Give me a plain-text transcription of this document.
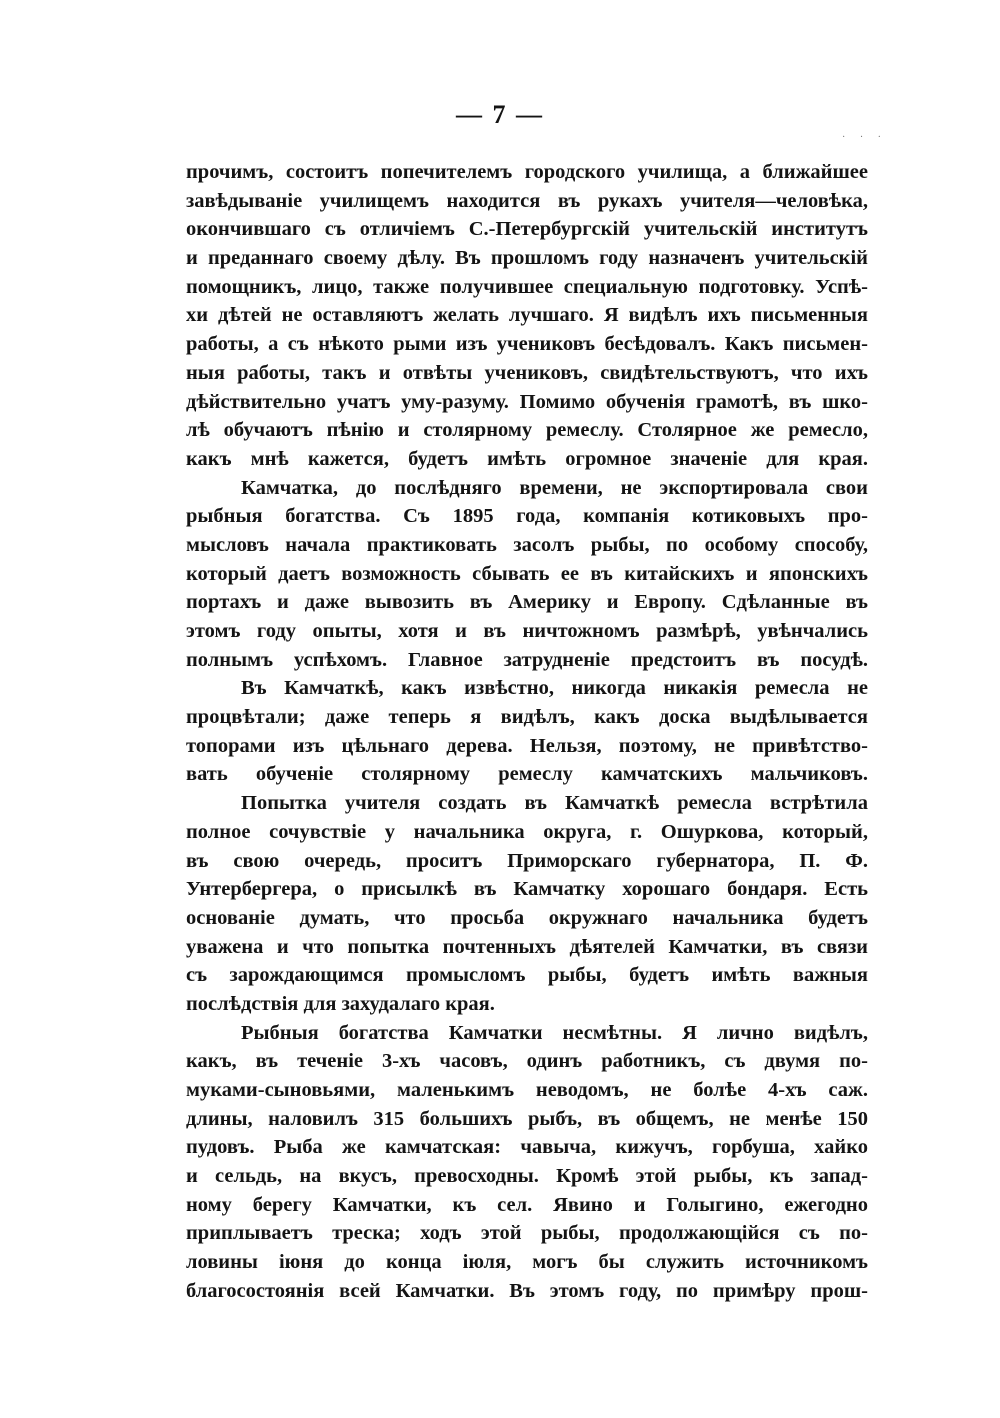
— 7 —
· · ·
прочимъ, состоитъ попечителемъ городского училища, а ближайшее
завѣдываніе училищемъ находится въ рукахъ учителя—человѣка,
окончившаго съ отличіемъ С.-Петербургскій учительскій институтъ
и преданнаго своему дѣлу. Въ прошломъ году назначенъ учительскій
помощникъ, лицо, также получившее специальную подготовку. Успѣ-
хи дѣтей не оставляютъ желать лучшаго. Я видѣлъ ихъ письменныя
работы, а съ нѣкото рыми изъ учениковъ бесѣдовалъ. Какъ письмен-
ныя работы, такъ и отвѣты учениковъ, свидѣтельствуютъ, что ихъ
дѣйствительно учатъ уму-разуму. Помимо обученія грамотѣ, въ шко-
лѣ обучаютъ пѣнію и столярному ремеслу. Столярное же ремесло,
какъ мнѣ кажется, будетъ имѣть огромное значеніе для края.
Камчатка, до послѣдняго времени, не экспортировала свои
рыбныя богатства. Съ 1895 года, компанія котиковыхъ про-
мысловъ начала практиковать засолъ рыбы, по особому способу,
который даетъ возможность сбывать ее въ китайскихъ и японскихъ
портахъ и даже вывозить въ Америку и Европу. Сдѣланные въ
этомъ году опыты, хотя и въ ничтожномъ размѣрѣ, увѣнчались
полнымъ успѣхомъ. Главное затрудненіе предстоитъ въ посудѣ.
Въ Камчаткѣ, какъ извѣстно, никогда никакія ремесла не
процвѣтали; даже теперь я видѣлъ, какъ доска выдѣлывается
топорами изъ цѣльнаго дерева. Нельзя, поэтому, не привѣтство-
вать обученіе столярному ремеслу камчатскихъ мальчиковъ.
Попытка учителя создать въ Камчаткѣ ремесла встрѣтила
полное сочувствіе у начальника округа, г. Ошуркова, который,
въ свою очередь, проситъ Приморскаго губернатора, П. Ф.
Унтербергера, о присылкѣ въ Камчатку хорошаго бондаря. Есть
основаніе думать, что просьба окружнаго начальника будетъ
уважена и что попытка почтенныхъ дѣятелей Камчатки, въ связи
съ зарождающимся промысломъ рыбы, будетъ имѣть важныя
послѣдствія для захудалаго края.
Рыбныя богатства Камчатки несмѣтны. Я лично видѣлъ,
какъ, въ теченіе 3-хъ часовъ, одинъ работникъ, съ двумя по-
муками-сыновьями, маленькимъ неводомъ, не болѣе 4-хъ саж.
длины, наловилъ 315 большихъ рыбъ, въ общемъ, не менѣе 150
пудовъ. Рыба же камчатская: чавыча, кижучъ, горбуша, хайко
и сельдь, на вкусъ, превосходны. Кромѣ этой рыбы, къ запад-
ному берегу Камчатки, къ сел. Явино и Голыгино, ежегодно
приплываетъ треска; ходъ этой рыбы, продолжающійся съ по-
ловины іюня до конца іюля, могъ бы служить источникомъ
благосостоянія всей Камчатки. Въ этомъ году, по примѣру прош-
